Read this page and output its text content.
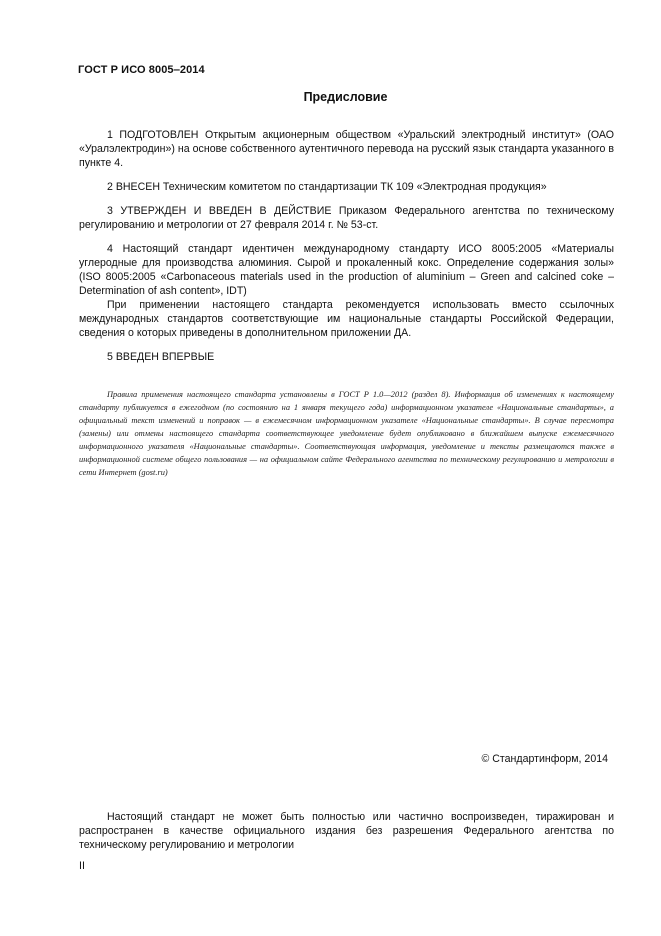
ГОСТ Р ИСО 8005‒2014
Предисловие

1 ПОДГОТОВЛЕН Открытым акционерным обществом «Уральский электродный институт» (ОАО «Уралэлектродин») на основе собственного аутентичного перевода на русский язык стандарта указанного в пункте 4.

2 ВНЕСЕН Техническим комитетом по стандартизации ТК 109 «Электродная продукция»

3 УТВЕРЖДЕН И ВВЕДЕН В ДЕЙСТВИЕ Приказом Федерального агентства по техническому регулированию и метрологии от 27 февраля 2014 г. № 53-ст.

4 Настоящий стандарт идентичен международному стандарту ИСО 8005:2005 «Материалы углеродные для производства алюминия. Сырой и прокаленный кокс. Определение содержания золы» (ISO 8005:2005 «Carbonaceous materials used in the production of aluminium – Green and calcined coke – Determination of ash content», IDT)

При применении настоящего стандарта рекомендуется использовать вместо ссылочных международных стандартов соответствующие им национальные стандарты Российской Федерации, сведения о которых приведены в дополнительном приложении ДА.

5 ВВЕДЕН ВПЕРВЫЕ

Правила применения настоящего стандарта установлены в ГОСТ Р 1.0—2012 (раздел 8). Информация об изменениях к настоящему стандарту публикуется в ежегодном (по состоянию на 1 января текущего года) информационном указателе «Национальные стандарты», а официальный текст изменений и поправок — в ежемесячном информационном указателе «Национальные стандарты». В случае пересмотра (замены) или отмены настоящего стандарта соответствующее уведомление будет опубликовано в ближайшем выпуске ежемесячного информационного указателя «Национальные стандарты». Соответствующая информация, уведомление и тексты размещаются также в информационной системе общего пользования — на официальном сайте Федерального агентства по техническому регулированию и метрологии в сети Интернет (gost.ru)

© Стандартинформ, 2014

Настоящий стандарт не может быть полностью или частично воспроизведен, тиражирован и распространен в качестве официального издания без разрешения Федерального агентства по техническому регулированию и метрологии

II
